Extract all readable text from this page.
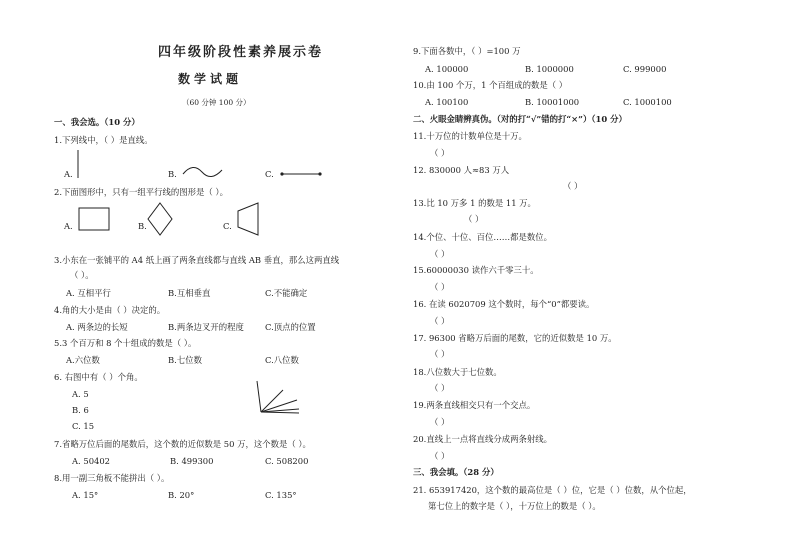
四年级阶段性素养展示卷
数学试题
（60 分钟 100 分）
一、我会选。（10 分）
1.下列线中，（ ）是直线。
A.	B.	C.
2.下面图形中，只有一组平行线的图形是（ ）。
A.	B.	C.
3.小东在一张铺平的 A4 纸上画了两条直线都与直线 AB 垂直，那么这两直线
（ ）。
A. 互相平行	B.互相垂直	C.不能确定
4.角的大小是由（ ）决定的。
A. 两条边的长短	B.两条边叉开的程度	C.顶点的位置
5.3 个百万和 8 个十组成的数是（ ）。
A.六位数	B.七位数	C.八位数
6. 右图中有（ ）个角。
A. 5
B. 6
C. 15
7.省略万位后面的尾数后，这个数的近似数是 50 万，这个数是（ ）。
A. 50402	B. 499300	C. 508200
8.用一副三角板不能拼出（ ）。
A. 15°	B. 20°	C. 135°
9.下面各数中，（ ）=100 万
A. 100000	B. 1000000	C. 999000
10.由 100 个万，1 个百组成的数是（ ）
A. 100100	B. 10001000	C. 1000100
二、火眼金睛辨真伪。（对的打“√”错的打“×”）（10 分）
11.十万位的计数单位是十万。
（ ）
12. 830000 人≈83 万人
（ ）
13.比 10 万多 1 的数是 11 万。
（ ）
14.个位、十位、百位……都是数位。
（ ）
15.60000030 读作六千零三十。
（ ）
16. 在读 6020709 这个数时，每个“0”都要读。
（ ）
17. 96300 省略万后面的尾数，它的近似数是 10 万。
（ ）
18.八位数大于七位数。
（ ）
19.两条直线相交只有一个交点。
（ ）
20.直线上一点将直线分成两条射线。
（ ）
三、我会填。（28 分）
21. 653917420，这个数的最高位是（ ）位，它是（ ）位数，从个位起，
第七位上的数字是（ ），十万位上的数是（ ）。
